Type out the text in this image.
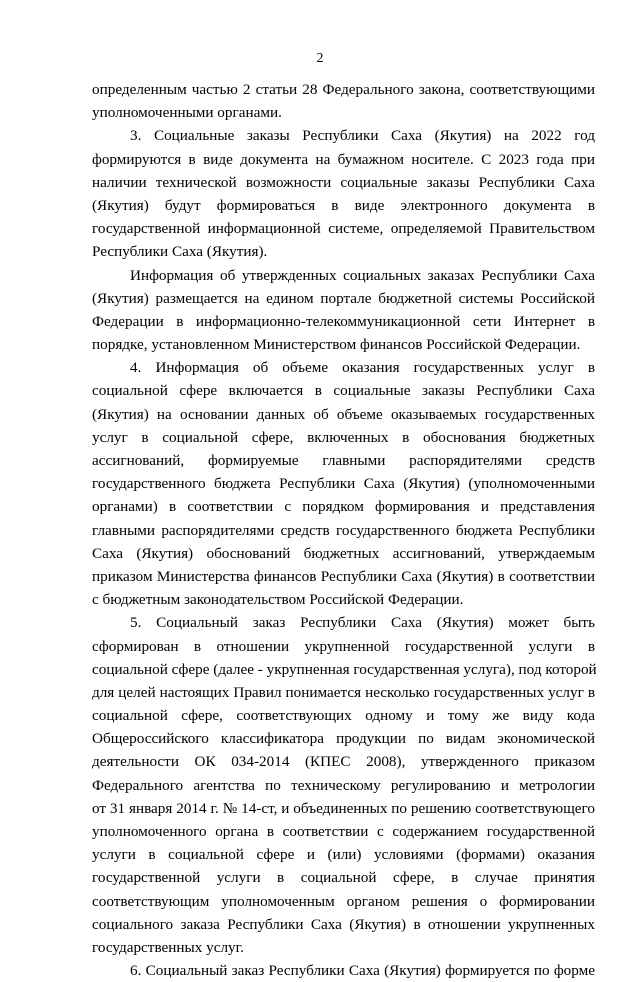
2
определенным частью 2 статьи 28 Федерального закона, соответствующими
уполномоченными органами.
3. Социальные заказы Республики Саха (Якутия) на 2022 год
формируются в виде документа на бумажном носителе. С 2023 года при
наличии технической возможности социальные заказы Республики Саха
(Якутия) будут формироваться в виде электронного документа в
государственной информационной системе, определяемой Правительством
Республики Саха (Якутия).
Информация об утвержденных социальных заказах Республики Саха
(Якутия) размещается на едином портале бюджетной системы Российской
Федерации в информационно-телекоммуникационной сети Интернет в
порядке, установленном Министерством финансов Российской Федерации.
4. Информация об объеме оказания государственных услуг в
социальной сфере включается в социальные заказы Республики Саха
(Якутия) на основании данных об объеме оказываемых государственных
услуг в социальной сфере, включенных в обоснования бюджетных
ассигнований, формируемые главными распорядителями средств
государственного бюджета Республики Саха (Якутия) (уполномоченными
органами) в соответствии с порядком формирования и представления
главными распорядителями средств государственного бюджета Республики
Саха (Якутия) обоснований бюджетных ассигнований, утверждаемым
приказом Министерства финансов Республики Саха (Якутия) в соответствии
с бюджетным законодательством Российской Федерации.
5. Социальный заказ Республики Саха (Якутия) может быть
сформирован в отношении укрупненной государственной услуги в
социальной сфере (далее - укрупненная государственная услуга), под которой
для целей настоящих Правил понимается несколько государственных услуг в
социальной сфере, соответствующих одному и тому же виду кода
Общероссийского классификатора продукции по видам экономической
деятельности ОК 034-2014 (КПЕС 2008), утвержденного приказом
Федерального агентства по техническому регулированию и метрологии
от 31 января 2014 г. № 14-ст, и объединенных по решению соответствующего
уполномоченного органа в соответствии с содержанием государственной
услуги в социальной сфере и (или) условиями (формами) оказания
государственной услуги в социальной сфере, в случае принятия
соответствующим уполномоченным органом решения о формировании
социального заказа Республики Саха (Якутия) в отношении укрупненных
государственных услуг.
6. Социальный заказ Республики Саха (Якутия) формируется по форме
